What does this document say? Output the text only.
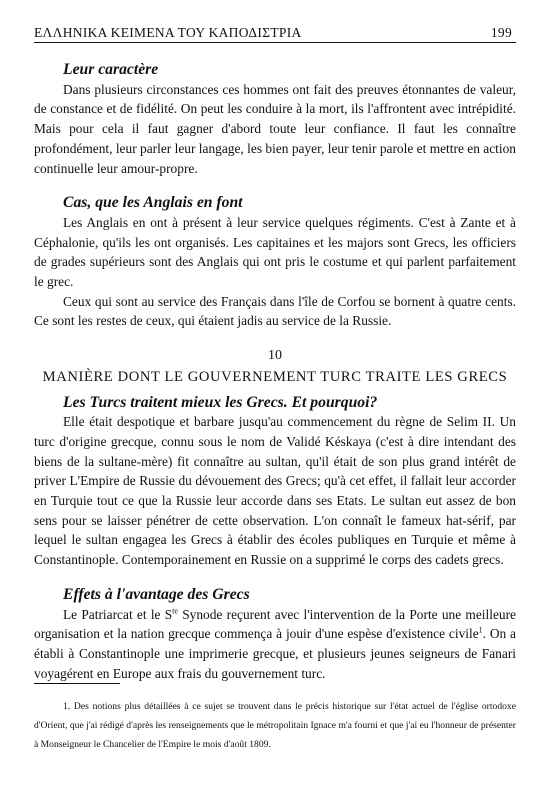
ΕΛΛΗΝΙΚΑ ΚΕΙΜΕΝΑ ΤΟΥ ΚΑΠΟΔΙΣΤΡΙΑ	199
Leur caractère

Dans plusieurs circonstances ces hommes ont fait des preuves étonnantes de valeur, de constance et de fidélité. On peut les conduire à la mort, ils l'affrontent avec intrépidité. Mais pour cela il faut gagner d'abord toute leur confiance. Il faut les connaître profondément, leur parler leur langage, les bien payer, leur tenir parole et mettre en action continuelle leur amour-propre.

Cas, que les Anglais en font

Les Anglais en ont à présent à leur service quelques régiments. C'est à Zante et à Céphalonie, qu'ils les ont organisés. Les capitaines et les majors sont Grecs, les officiers de grades supérieurs sont des Anglais qui ont pris le costume et qui parlent parfaitement le grec.

Ceux qui sont au service des Français dans l'île de Corfou se bornent à quatre cents. Ce sont les restes de ceux, qui étaient jadis au service de la Russie.

10
MANIÈRE DONT LE GOUVERNEMENT TURC TRAITE LES GRECS
Les Turcs traitent mieux les Grecs. Et pourquoi?

Elle était despotique et barbare jusqu'au commencement du règne de Selim II. Un turc d'origine grecque, connu sous le nom de Validé Késkaya (c'est à dire intendant des biens de la sultane-mère) fit connaître au sultan, qu'il était de son plus grand intérêt de priver L'Empire de Russie du dévouement des Grecs; qu'à cet effet, il fallait leur accorder en Turquie tout ce que la Russie leur accorde dans ses Etats. Le sultan eut assez de bon sens pour se laisser pénétrer de cette observation. L'on connaît le fameux hat-sérif, par lequel le sultan engagea les Grecs à établir des écoles publiques en Turquie et même à Constantinople. Contemporainement en Russie on a supprimé le corps des cadets grecs.

Effets à l'avantage des Grecs

Le Patriarcat et le $S^{te}$ Synode reçurent avec l'intervention de la Porte une meilleure organisation et la nation grecque commença à jouir d'une espèse d'existence civile$^1$. On a établi à Constantinople une imprimerie grecque, et plusieurs jeunes seigneurs de Fanari voyagérent en Europe aux frais du gouvernement turc.

1. Des notions plus détaillées à ce sujet se trouvent dans le précis historique sur l'état actuel de l'église ortodoxe d'Orient, que j'ai rédigé d'après les renseignements que le métropolitain Ignace m'a fourni et que j'ai eu l'honneur de présenter à Monseigneur le Chancelier de l'Empire le mois d'août 1809.
